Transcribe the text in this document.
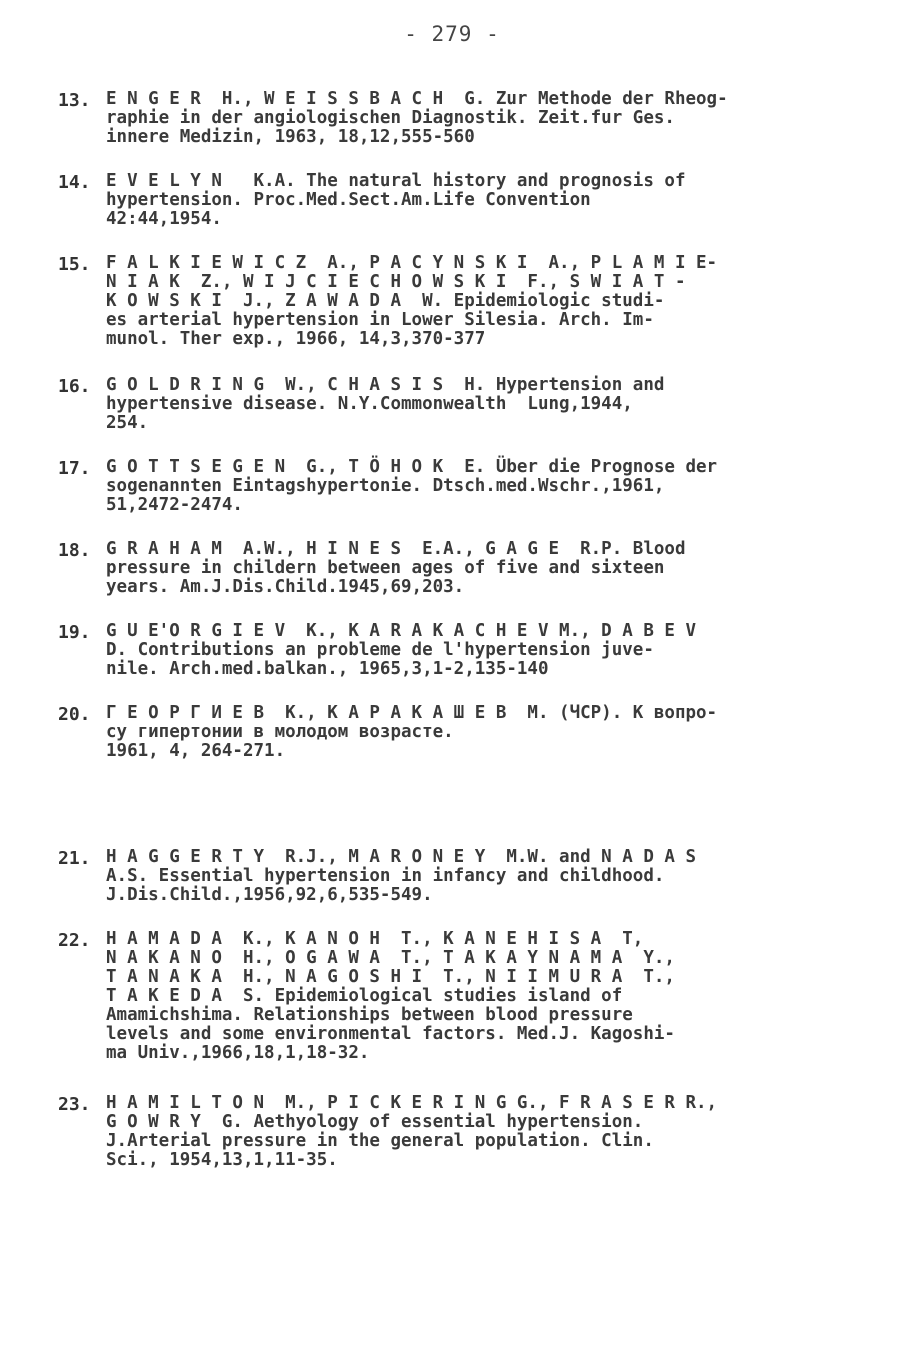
- 279 -
13. E N G E R  H., W E I S S B A C H  G. Zur Methode der Rheog-
raphie in der angiologischen Diagnostik. Zeit.fur Ges.
innere Medizin, 1963, 18,12,555-560
14. E V E L Y N   K.A. The natural history and prognosis of
hypertension. Proc.Med.Sect.Am.Life Convention
42:44,1954.
15. F A L K I E W I C Z  A., P A C Y N S K I  A., P L A M I E-
N I A K  Z., W I J C I E C H O W S K I  F., S W I A T -
K O W S K I  J., Z A W A D A  W. Epidemiologic studi-
es arterial hypertension in Lower Silesia. Arch. Im-
munol. Ther exp., 1966, 14,3,370-377
16. G O L D R I N G  W., C H A S I S  H. Hypertension and
hypertensive disease. N.Y.Commonwealth  Lung,1944,
254.
17. G O T T S E G E N  G., T Ö H O K  E. Über die Prognose der
sogenannten Eintagshypertonie. Dtsch.med.Wschr.,1961,
51,2472-2474.
18. G R A H A M  A.W., H I N E S  E.A., G A G E  R.P. Blood
pressure in childern between ages of five and sixteen
years. Am.J.Dis.Child.1945,69,203.
19. G U E'O R G I E V  K., K A R A K A C H E V M., D A B E V
D. Contributions an probleme de l'hypertension juve-
nile. Arch.med.balkan., 1965,3,1-2,135-140
20. Г Е О Р Г И Е В  К., К А Р А К А Ш Е В  М. (ЧСР). К вопро-
су гипертонии в молодом возрасте.
1961, 4, 264-271.
21. H A G G E R T Y  R.J., M A R O N E Y  M.W. and N A D A S
A.S. Essential hypertension in infancy and childhood.
J.Dis.Child.,1956,92,6,535-549.
22. H A M A D A  K., K A N O H  T., K A N E H I S A  T,
N A K A N O  H., O G A W A  T., T A K A Y N A M A  Y.,
T A N A K A  H., N A G O S H I  T., N I I M U R A  T.,
T A K E D A  S. Epidemiological studies island of
Amamichshima. Relationships between blood pressure
levels and some environmental factors. Med.J. Kagoshi-
ma Univ.,1966,18,1,18-32.
23. H A M I L T O N  M., P I C K E R I N G G., F R A S E R R.,
G O W R Y  G. Aethyology of essential hypertension.
J.Arterial pressure in the general population. Clin.
Sci., 1954,13,1,11-35.
